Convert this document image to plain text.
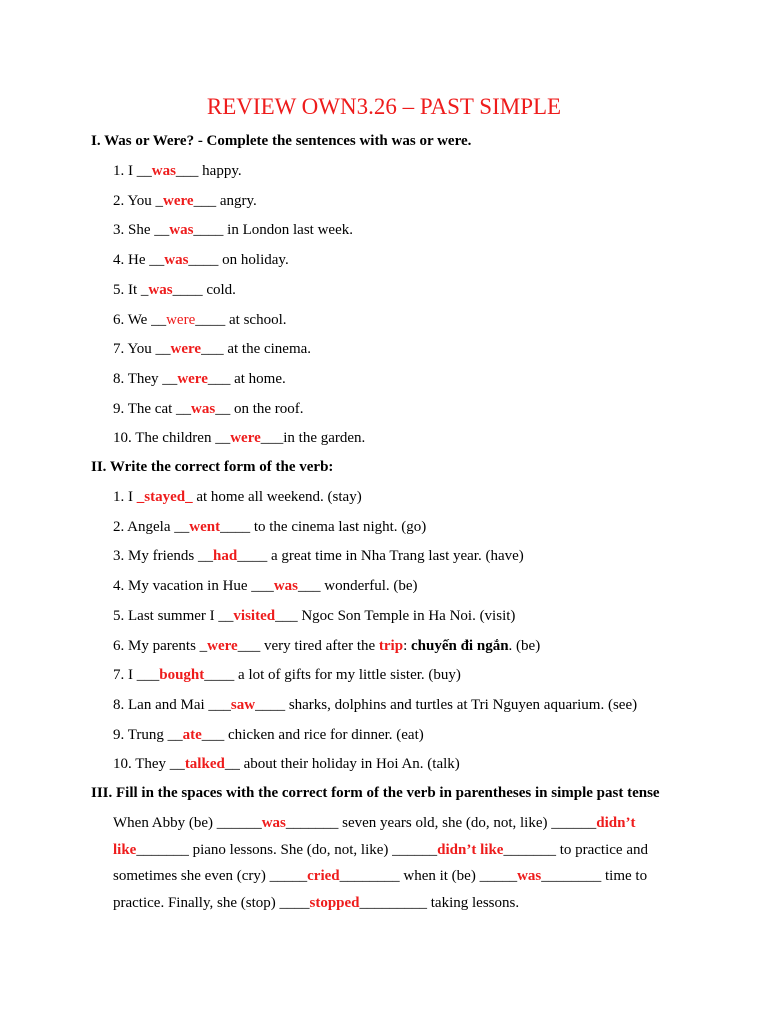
REVIEW OWN3.26 – PAST SIMPLE
I. Was or Were? - Complete the sentences with was or were.
1. I __was___ happy.
2. You _were___ angry.
3. She __was____ in London last week.
4. He __was____ on holiday.
5. It _was____ cold.
6. We __were____ at school.
7. You __were___ at the cinema.
8. They __were___ at home.
9. The cat __was__ on the roof.
10. The children __were___in the garden.
II. Write the correct form of the verb:
1. I _stayed_ at home all weekend. (stay)
2. Angela __went____ to the cinema last night. (go)
3. My friends __had____ a great time in Nha Trang last year. (have)
4. My vacation in Hue ___was___ wonderful. (be)
5. Last summer I __visited___ Ngoc Son Temple in Ha Noi. (visit)
6. My parents _were___ very tired after the trip: chuyến đi ngắn. (be)
7. I ___bought____ a lot of gifts for my little sister. (buy)
8. Lan and Mai ___saw____ sharks, dolphins and turtles at Tri Nguyen aquarium. (see)
9. Trung __ate___ chicken and rice for dinner. (eat)
10. They __talked__ about their holiday in Hoi An. (talk)
III. Fill in the spaces with the correct form of the verb in parentheses in simple past tense
When Abby (be) ______was_______ seven years old, she (do, not, like) ______didn’t
like_______ piano lessons. She (do, not, like) ______didn’t like_______ to practice and
sometimes she even (cry) _____cried________ when it (be) _____was________ time to
practice. Finally, she (stop) ____stopped_________ taking lessons.
